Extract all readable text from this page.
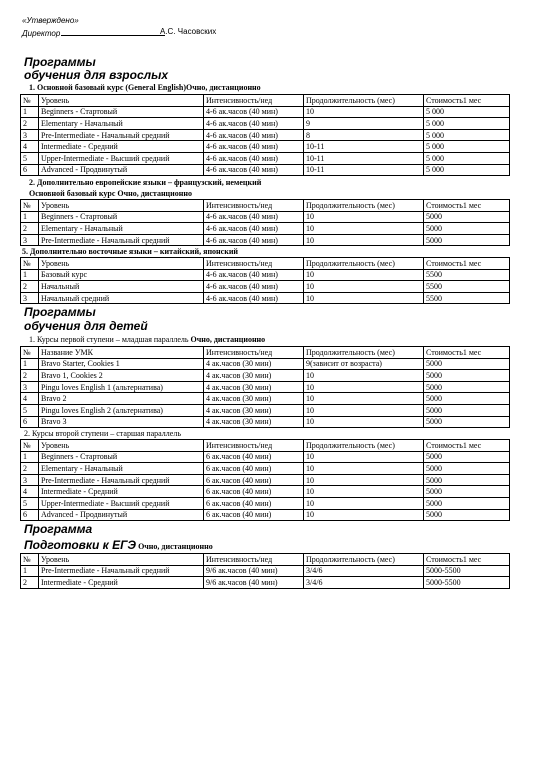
«Утверждено»
Директор	А.С. Часовских
Программы
обучения для взрослых
1. Основной базовый курс (General English)Очно, дистанционно
№	Уровень	Интенсивность/нед	Продолжительность (мес)	Стоимость1 мес
1	Beginners - Стартовый	4-6 ак.часов (40 мин)	10	5 000
2	Elementary - Начальный	4-6 ак.часов (40 мин)	9	5 000
3	Pre-Intermediate - Начальный средний	4-6 ак.часов (40 мин)	8	5 000
4	Intermediate - Средний	4-6 ак.часов (40 мин)	10-11	5 000
5	Upper-Intermediate - Высший средний	4-6 ак.часов (40 мин)	10-11	5 000
6	Advanced - Продвинутый	4-6 ак.часов (40 мин)	10-11	5 000
2. Дополнительно европейские языки – французский, немецкий
Основной базовый курс Очно, дистанционно
№	Уровень	Интенсивность/нед	Продолжительность (мес)	Стоимость1 мес
1	Beginners - Стартовый	4-6 ак.часов (40 мин)	10	5000
2	Elementary - Начальный	4-6 ак.часов (40 мин)	10	5000
3	Pre-Intermediate - Начальный средний	4-6 ак.часов (40 мин)	10	5000
5. Дополнительно восточные языки – китайский, японский
№	Уровень	Интенсивность/нед	Продолжительность (мес)	Стоимость1 мес
1	Базовый курс	4-6 ак.часов (40 мин)	10	5500
2	Начальный	4-6 ак.часов (40 мин)	10	5500
3	Начальный средний	4-6 ак.часов (40 мин)	10	5500
Программы
обучения для детей
1. Курсы первой ступени – младшая параллель Очно, дистанционно
№	Название УМК	Интенсивность/нед	Продолжительность (мес)	Стоимость1 мес
1	Bravo Starter, Cookies 1	4 ак.часов (30 мин)	9(зависит от возраста)	5000
2	Bravo 1, Cookies 2	4 ак.часов (30 мин)	10	5000
3	Pingu loves English 1 (альтернатива)	4 ак.часов (30 мин)	10	5000
4	Bravo 2	4 ак.часов (30 мин)	10	5000
5	Pingu loves English 2 (альтернатива)	4 ак.часов (30 мин)	10	5000
6	Bravo 3	4 ак.часов (30 мин)	10	5000
2. Курсы второй ступени – старшая параллель
№	Уровень	Интенсивность/нед	Продолжительность (мес)	Стоимость1 мес
1	Beginners - Стартовый	6 ак.часов (40 мин)	10	5000
2	Elementary - Начальный	6 ак.часов (40 мин)	10	5000
3	Pre-Intermediate - Начальный средний	6 ак.часов (40 мин)	10	5000
4	Intermediate - Средний	6 ак.часов (40 мин)	10	5000
5	Upper-Intermediate - Высший средний	6 ак.часов (40 мин)	10	5000
6	Advanced - Продвинутый	6 ак.часов (40 мин)	10	5000
Программа
Подготовки к ЕГЭ Очно, дистанционно
№	Уровень	Интенсивность/нед	Продолжительность (мес)	Стоимость1 мес
1	Pre-Intermediate - Начальный средний	9/6 ак.часов (40 мин)	3/4/6	5000-5500
2	Intermediate - Средний	9/6 ак.часов (40 мин)	3/4/6	5000-5500
